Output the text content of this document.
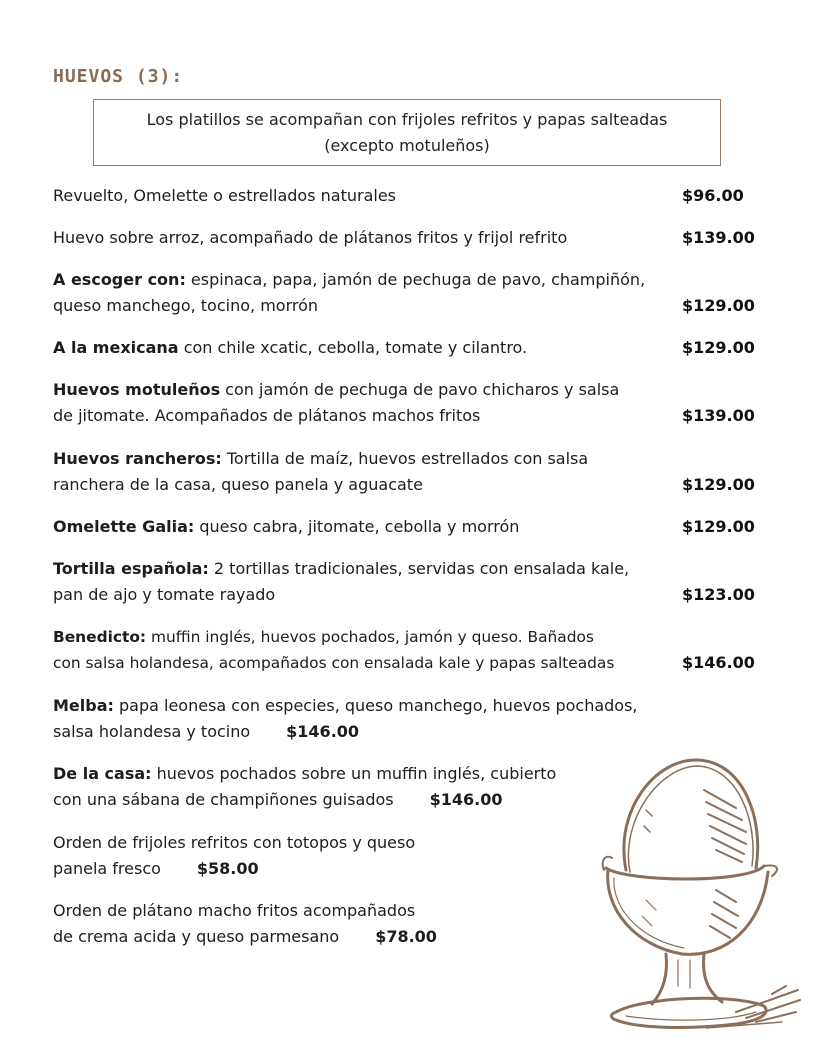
HUEVOS (3):
Los platillos se acompañan con frijoles refritos y papas salteadas
(excepto motuleños)
Revuelto, Omelette o estrellados naturales	$96.00
Huevo sobre arroz, acompañado de plátanos fritos y frijol refrito	$139.00
A escoger con: espinaca, papa, jamón de pechuga de pavo, champiñón,
queso manchego, tocino, morrón	$129.00
A la mexicana con chile xcatic, cebolla, tomate y cilantro.	$129.00
Huevos motuleños con jamón de pechuga de pavo chicharos y salsa
de jitomate. Acompañados de plátanos machos fritos	$139.00
Huevos rancheros: Tortilla de maíz, huevos estrellados con salsa
ranchera de la casa, queso panela y aguacate	$129.00
Omelette Galia: queso cabra, jitomate, cebolla y morrón	$129.00
Tortilla española: 2 tortillas tradicionales, servidas con ensalada kale,
pan de ajo y tomate rayado	$123.00
Benedicto: muffin inglés, huevos pochados, jamón y queso. Bañados
con salsa holandesa, acompañados con ensalada kale y papas salteadas	$146.00
Melba: papa leonesa con especies, queso manchego, huevos pochados,
salsa holandesa y tocino $146.00
De la casa: huevos pochados sobre un muffin inglés, cubierto
con una sábana de champiñones guisados $146.00
Orden de frijoles refritos con totopos y queso
panela fresco $58.00
Orden de plátano macho fritos acompañados
de crema acida y queso parmesano $78.00
